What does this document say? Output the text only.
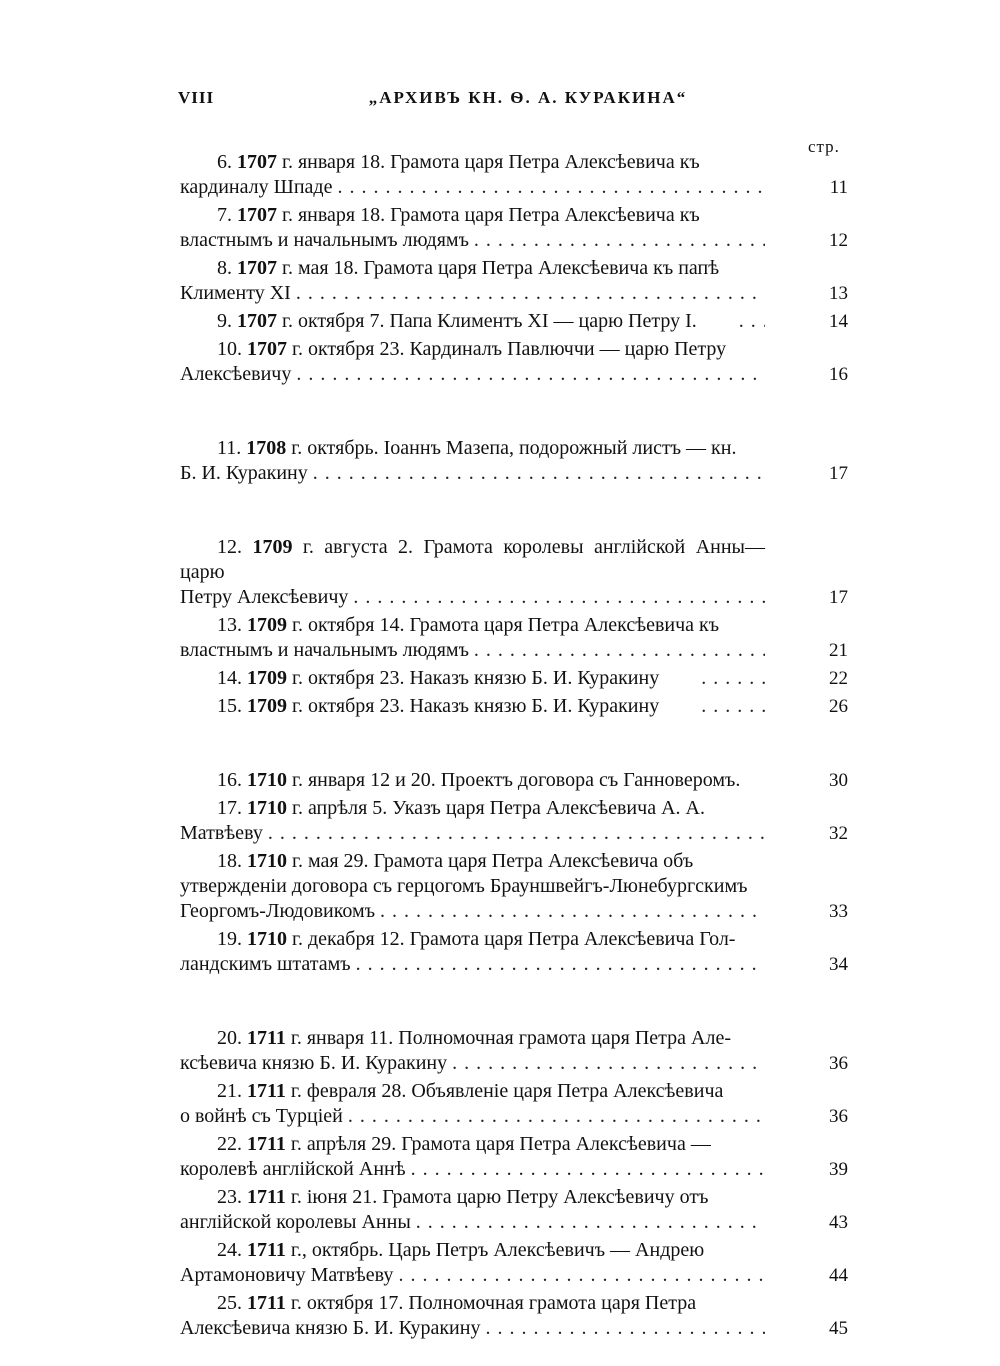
VIII	„АРХИВЪ КН. Ѳ. А. КУРАКИНА“
стр.
6. 1707 г. января 18. Грамота царя Петра Алексѣевича къ
кардиналу Шпаде .....	11
7. 1707 г. января 18. Грамота царя Петра Алексѣевича къ
властнымъ и начальнымъ людямъ .....	12
8. 1707 г. мая 18. Грамота царя Петра Алексѣевича къ папѣ
Клименту XI .....	13
9. 1707 г. октября 7. Папа Климентъ XI — царю Петру I. .....	14
10. 1707 г. октября 23. Кардиналъ Павлюччи — царю Петру
Алексѣевичу .....	16
11. 1708 г. октябрь. Іоаннъ Мазепа, подорожный листъ — кн.
Б. И. Куракину .....	17
12. 1709 г. августа 2. Грамота королевы англійской Анны—царю
Петру Алексѣевичу .....	17
13. 1709 г. октября 14. Грамота царя Петра Алексѣевича къ
властнымъ и начальнымъ людямъ .....	21
14. 1709 г. октября 23. Наказъ князю Б. И. Куракину .....	22
15. 1709 г. октября 23. Наказъ князю Б. И. Куракину .....	26
16. 1710 г. января 12 и 20. Проектъ договора съ Ганноверомъ.	30
17. 1710 г. апрѣля 5. Указъ царя Петра Алексѣевича А. А.
Матвѣеву .....	32
18. 1710 г. мая 29. Грамота царя Петра Алексѣевича объ
утвержденіи договора съ герцогомъ Брауншвейгъ-Люнебургскимъ
Георгомъ-Людовикомъ .....	33
19. 1710 г. декабря 12. Грамота царя Петра Алексѣевича Гол-
ландскимъ штатамъ .....	34
20. 1711 г. января 11. Полномочная грамота царя Петра Але-
ксѣевича князю Б. И. Куракину .....	36
21. 1711 г. февраля 28. Объявленіе царя Петра Алексѣевича
о войнѣ съ Турціей .....	36
22. 1711 г. апрѣля 29. Грамота царя Петра Алексѣевича —
королевѣ англійской Аннѣ .....	39
23. 1711 г. іюня 21. Грамота царю Петру Алексѣевичу отъ
англійской королевы Анны .....	43
24. 1711 г., октябрь. Царь Петръ Алексѣевичъ — Андрею
Артамоновичу Матвѣеву .....	44
25. 1711 г. октября 17. Полномочная грамота царя Петра
Алексѣевича князю Б. И. Куракину .....	45
